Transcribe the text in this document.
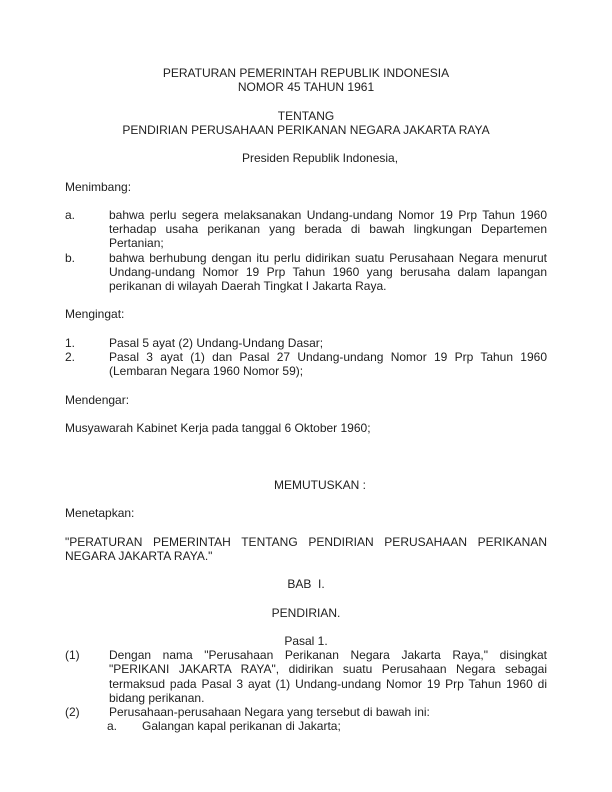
PERATURAN PEMERINTAH REPUBLIK INDONESIA

NOMOR 45 TAHUN 1961

TENTANG

PENDIRIAN PERUSAHAAN PERIKANAN NEGARA JAKARTA RAYA

Presiden Republik Indonesia,

Menimbang:

a.	bahwa perlu segera melaksanakan Undang-undang Nomor 19 Prp Tahun 1960 terhadap usaha perikanan yang berada di bawah lingkungan Departemen Pertanian;
b.	bahwa berhubung dengan itu perlu didirikan suatu Perusahaan Negara menurut Undang-undang Nomor 19 Prp Tahun 1960 yang berusaha dalam lapangan perikanan di wilayah Daerah Tingkat I Jakarta Raya.

Mengingat:

1.	Pasal 5 ayat (2) Undang-Undang Dasar;
2.	Pasal 3 ayat (1) dan Pasal 27 Undang-undang Nomor 19 Prp Tahun 1960 (Lembaran Negara 1960 Nomor 59);

Mendengar:

Musyawarah Kabinet Kerja pada tanggal 6 Oktober 1960;

MEMUTUSKAN :

Menetapkan:

"PERATURAN PEMERINTAH TENTANG PENDIRIAN PERUSAHAAN PERIKANAN NEGARA JAKARTA RAYA."

BAB  I.

PENDIRIAN.

Pasal 1.

(1)	Dengan nama "Perusahaan Perikanan Negara Jakarta Raya," disingkat "PERIKANI JAKARTA RAYA", didirikan suatu Perusahaan Negara sebagai termaksud pada Pasal 3 ayat (1) Undang-undang Nomor 19 Prp Tahun 1960 di bidang perikanan.
(2)	Perusahaan-perusahaan Negara yang tersebut di bawah ini:
a.	Galangan kapal perikanan di Jakarta;
